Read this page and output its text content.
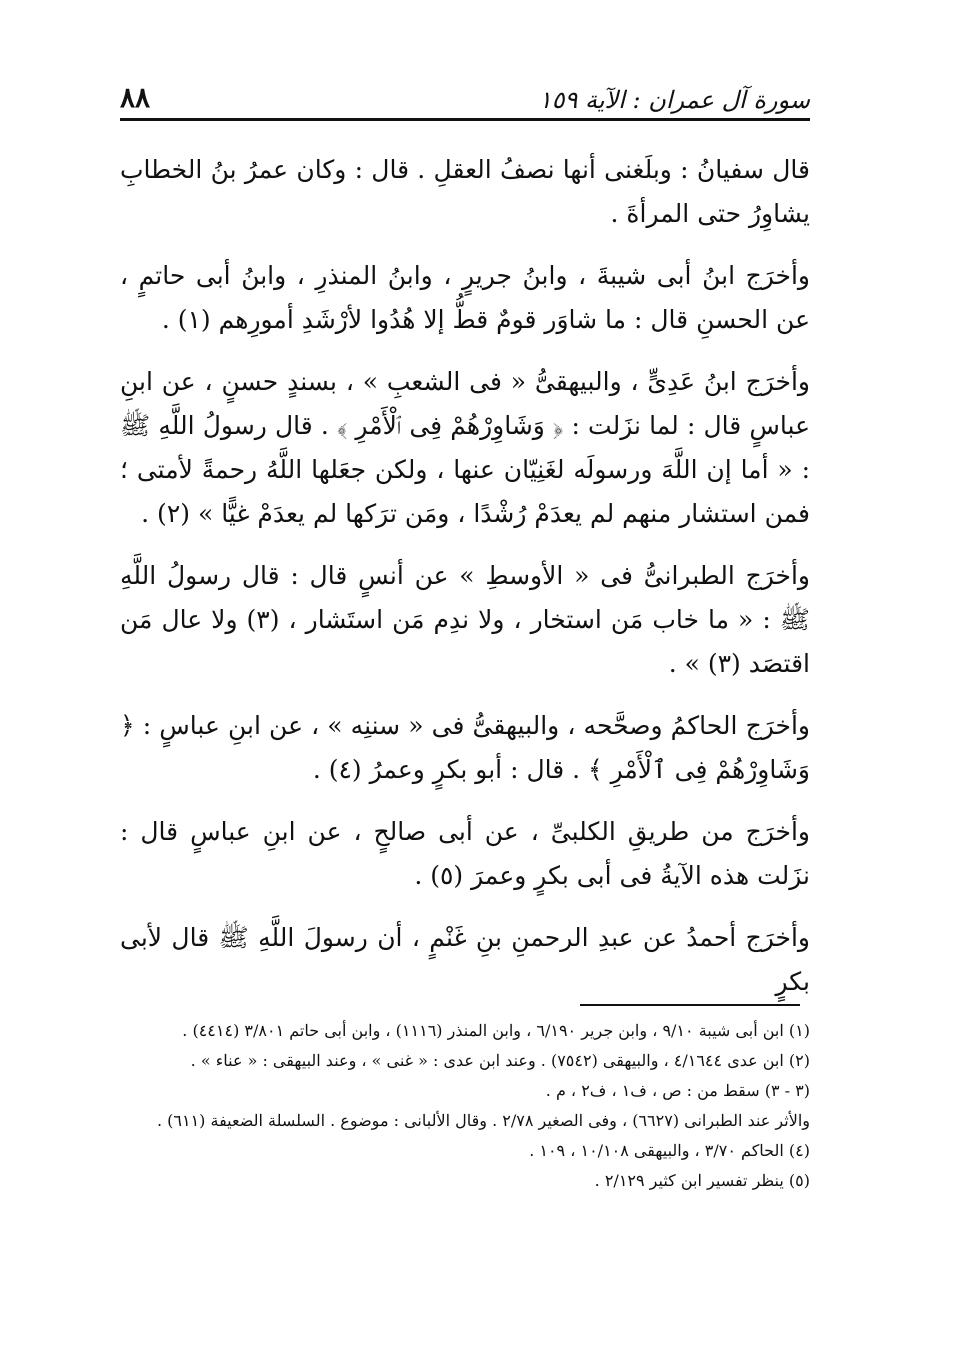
٨٨	سورة آل عمران : الآية ١٥٩

قال سفيانُ : وبلَغنى أنها نصفُ العقلِ . قال : وكان عمرُ بنُ الخطابِ يشاوِرُ حتى المرأةَ .

وأخرَج ابنُ أبى شيبةَ ، وابنُ جريرٍ ، وابنُ المنذرِ ، وابنُ أبى حاتمٍ ، عن الحسنِ قال : ما شاوَر قومٌ قطُّ إلا هُدُوا لأرْشَدِ أمورِهم (١) .

وأخرَج ابنُ عَدِىٍّ ، والبيهقىُّ « فى الشعبِ » ، بسندٍ حسنٍ ، عن ابنِ عباسٍ قال : لما نزَلت : ﴿ وَشَاوِرْهُمْ فِى ٱلْأَمْرِ ﴾ . قال رسولُ اللَّهِ ﷺ : « أما إن اللَّهَ ورسولَه لغَنِيّان عنها ، ولكن جعَلها اللَّهُ رحمةً لأمتى ؛ فمن استشار منهم لم يعدَمْ رُشْدًا ، ومَن ترَكها لم يعدَمْ غيًّا » (٢) .

وأخرَج الطبرانىُّ فى « الأوسطِ » عن أنسٍ قال : قال رسولُ اللَّهِ ﷺ : « ما خاب مَن استخار ، ولا ندِم مَن استَشار ، (٣) ولا عال مَن اقتصَد (٣) » .

وأخرَج الحاكمُ وصحَّحه ، والبيهقىُّ فى « سننِه » ، عن ابنِ عباسٍ : ﴿ وَشَاوِرْهُمْ فِى ٱلْأَمْرِ ﴾ . قال : أبو بكرٍ وعمرُ (٤) .

وأخرَج من طريقِ الكلبىِّ ، عن أبى صالحٍ ، عن ابنِ عباسٍ قال : نزَلت هذه الآيةُ فى أبى بكرٍ وعمرَ (٥) .

وأخرَج أحمدُ عن عبدِ الرحمنِ بنِ غَنْمٍ ، أن رسولَ اللَّهِ ﷺ قال لأبى بكرٍ

(١) ابن أبى شيبة ٩/١٠ ، وابن جرير ٦/١٩٠ ، وابن المنذر (١١١٦) ، وابن أبى حاتم ٣/٨٠١ (٤٤١٤) .

(٢) ابن عدى ٤/١٦٤٤ ، والبيهقى (٧٥٤٢) . وعند ابن عدى : « غنى » ، وعند البيهقى : « عناء » .

(٣ - ٣) سقط من : ص ، ف١ ، ف٢ ، م .

والأثر عند الطبرانى (٦٦٢٧) ، وفى الصغير ٢/٧٨ . وقال الألبانى : موضوع . السلسلة الضعيفة (٦١١) .

(٤) الحاكم ٣/٧٠ ، والبيهقى ١٠/١٠٨ ، ١٠٩ .

(٥) ينظر تفسير ابن كثير ٢/١٢٩ .
